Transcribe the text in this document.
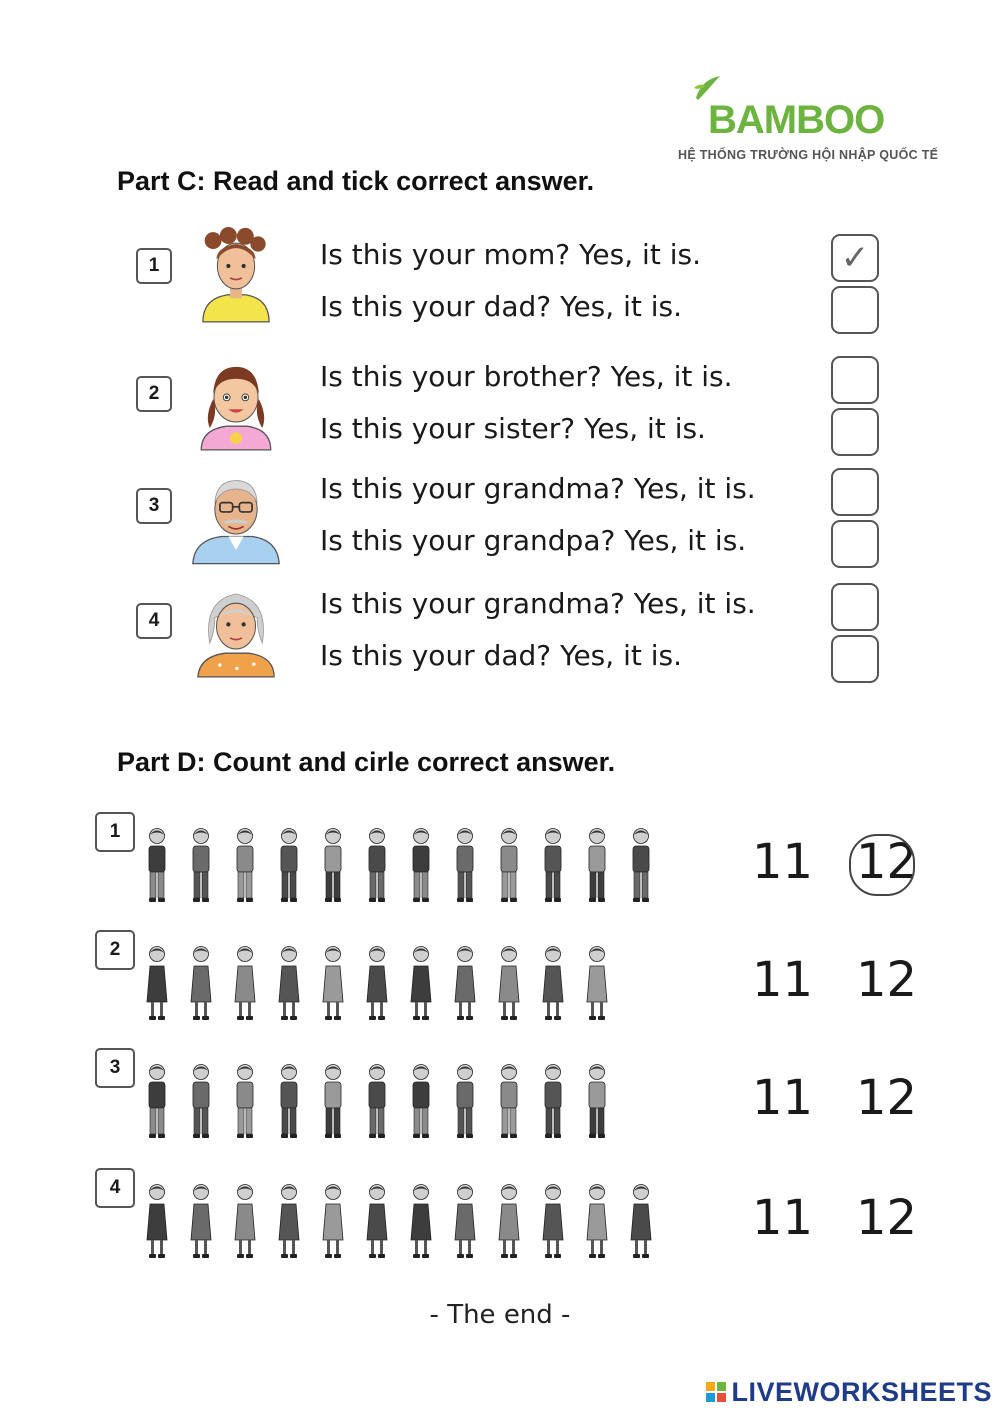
BAMBOO
HỆ THỐNG TRƯỜNG HỘI NHẬP QUỐC TẾ
Part C: Read and tick correct answer.
1	Is this your mom? Yes, it is.	✓
Is this your dad? Yes, it is.
2
Is this your brother? Yes, it is.
Is this your sister? Yes, it is.
3
Is this your grandma? Yes, it is.
Is this your grandpa? Yes, it is.
4
Is this your grandma? Yes, it is.
Is this your dad? Yes, it is.
Part D: Count and cirle correct answer.
1
11 12
2
11 12
3
11 12
4
11 12
- The end -
LIVEWORKSHEETS
